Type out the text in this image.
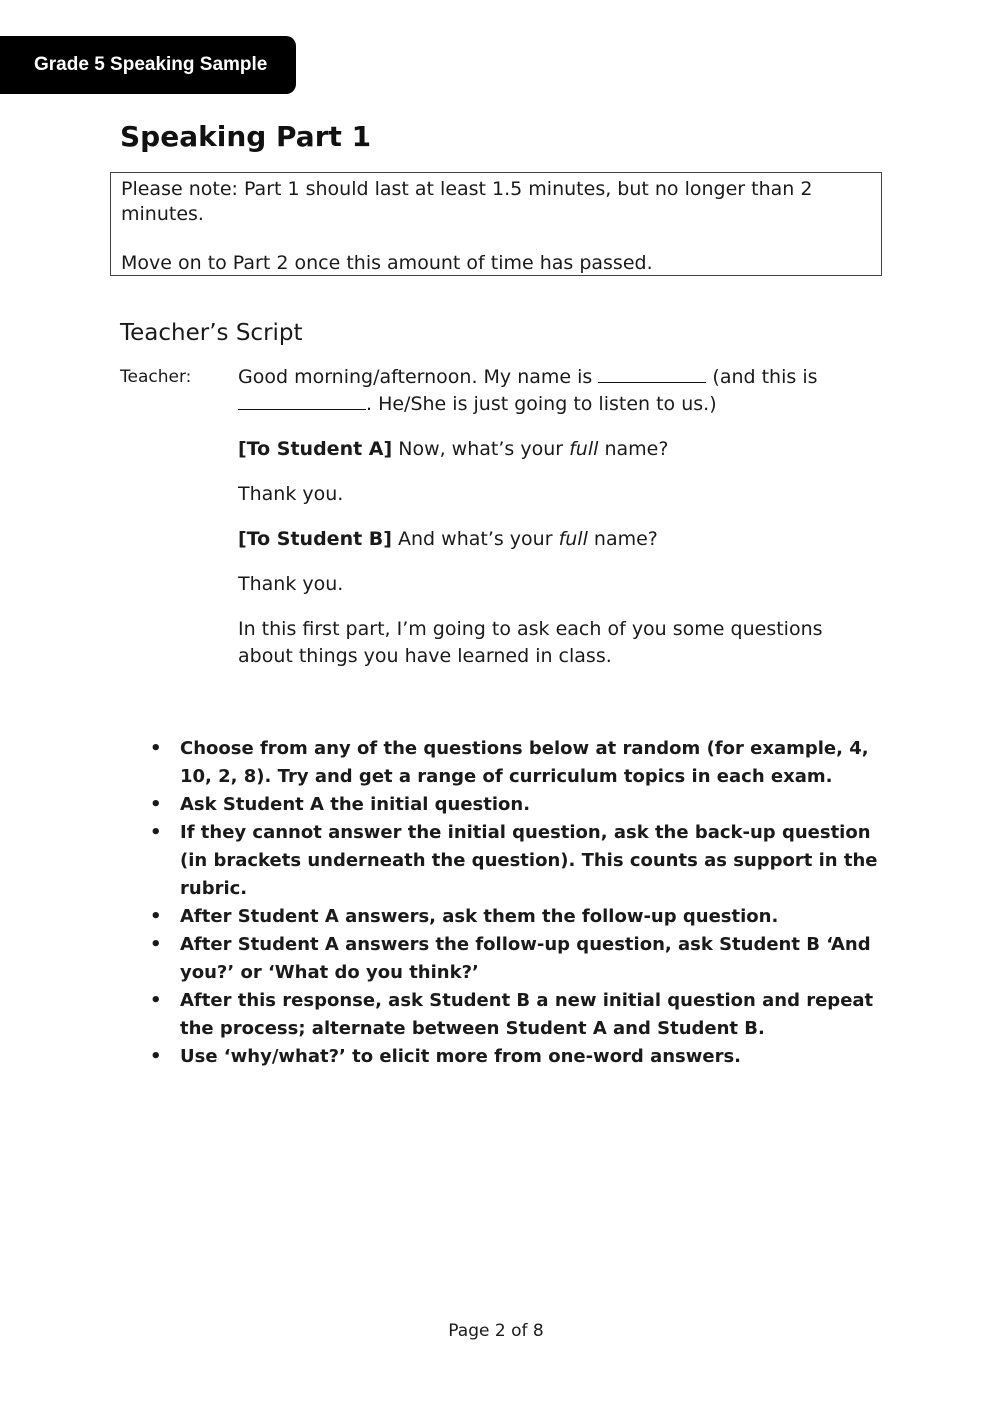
Grade 5 Speaking Sample
Speaking Part 1

Please note: Part 1 should last at least 1.5 minutes, but no longer than 2 minutes.

Move on to Part 2 once this amount of time has passed.

Teacher’s Script
Teacher: Good morning/afternoon. My name is	(and this is
. He/She is just going to listen to us.)

[To Student A] Now, what’s your full name?

Thank you.

[To Student B] And what’s your full name?

Thank you.

In this first part, I’m going to ask each of you some questions about things you have learned in class.

• Choose from any of the questions below at random (for example, 4, 10, 2, 8). Try and get a range of curriculum topics in each exam.
• Ask Student A the initial question.
• If they cannot answer the initial question, ask the back-up question (in brackets underneath the question). This counts as support in the rubric.
• After Student A answers, ask them the follow-up question.
• After Student A answers the follow-up question, ask Student B ‘And you?’ or ‘What do you think?’
• After this response, ask Student B a new initial question and repeat the process; alternate between Student A and Student B.
• Use ‘why/what?’ to elicit more from one-word answers.
Page 2 of 8
